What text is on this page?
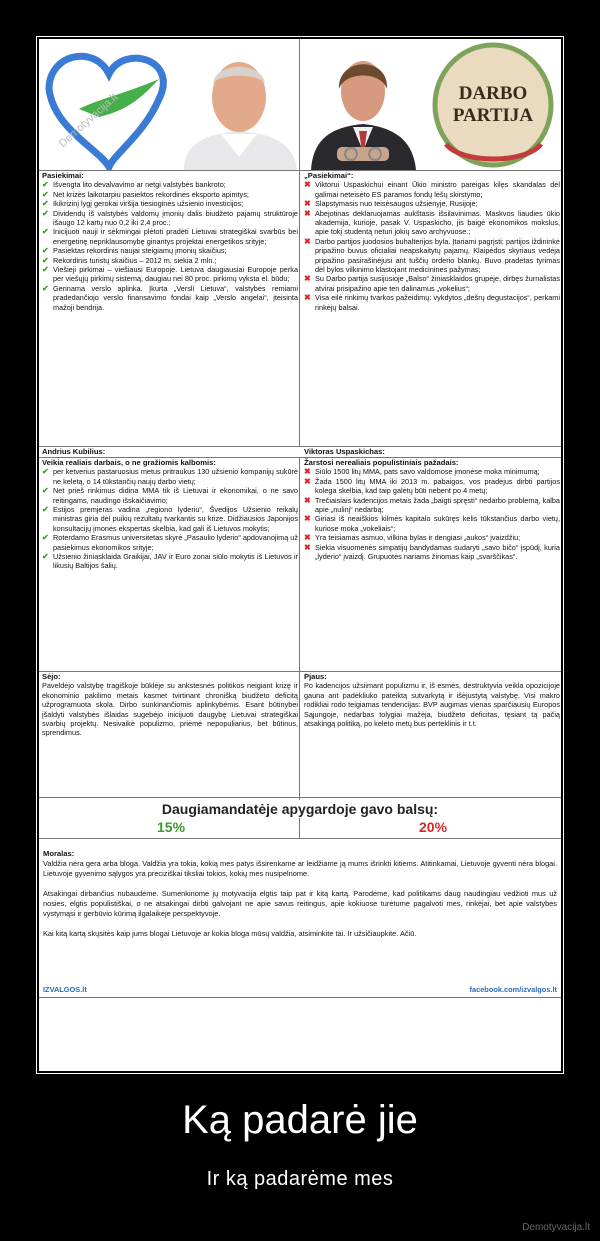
Demotyvacija.lt	DARBO
PARTIJA
Pasiekimai:
✔ Išvengta lito devalvavimo ar netgi valstybės bankroto;
✔ Net krizės laikotarpiu pasiektos rekordinės eksporto apimtys;
✔ Ikikrizinį lygį gerokai viršija tiesioginės užsienio investicijos;
✔ Dividendų iš valstybės valdomų įmonių dalis biudžeto pajamų struktūroje išaugo 12 kartų nuo 0,2 iki 2,4 proc.;
✔ Inicijuoti nauji ir sėkmingai plėtoti pradėti Lietuvai strategiškai svarbūs bei energetinę nepriklausomybę ginantys projektai energetikos srityje;
✔ Pasiektas rekordinis naujai steigiamų įmonių skaičius;
✔ Rekordinis turistų skaičius – 2012 m. siekia 2 mln.;
✔ Viešieji pirkimai – viešiausi Europoje. Lietuva daugiausiai Europoje perka per viešųjų pirkimų sistemą, daugiau nei 80 proc. pirkimų vyksta el. būdu;
✔ Gerinama verslo aplinka. Įkurta „Versli Lietuva“, valstybės remiami pradedančiojo verslo finansavimo fondai kaip „Verslo angelai“, įteisinta mažoji bendrija.
„Pasiekimai“:
✖ Viktorui Uspaskichui einant Ūkio ministro pareigas kilęs skandalas dėl galimai neteisėto ES paramos fondų lėšų skirstymo;
✖ Slapstymasis nuo teisėsaugos užsienyje, Rusijoje;
✖ Abejotinas deklaruojamas aukštasis išsilavinimas. Maskvos liaudies ūkio akademija, kurioje, pasak V. Uspaskicho, jis baigė ekonomikos mokslus, apie tokį studentą neturi jokių savo archyvuose.;
✖ Darbo partijos juodosios buhalterijos byla. Įtariami pagrįsti: partijos iždininkė pripažino buvus oficialiai neapskaitytų pajamų, Klaipėdos skyriaus vedėja pripažino pasirašinėjusi ant tuščių orderio blankų. Buvo pradėtas tyrimas dėl bylos vilkinimo klastojant medicinines pažymas;
✖ Su Darbo partija susijusioje „Balso“ žiniasklaidos grupėje, dirbęs žurnalistas atvirai prisipažino apie ten dalinamus „vokelius“;
✖ Visa eilė rinkimų tvarkos pažeidimų: vykdytos „dešrų degustacijos“, perkami rinkėjų balsai.
Andrius Kubilius:	Viktoras Uspaskichas:
Veikia realiais darbais, o ne gražiomis kalbomis:
✔ per ketverius pastaruosius metus pritraukus 130 užsienio kompanijų sukūrė ne keletą, o 14 tūkstančių naujų darbo vietų;
✔ Net prieš rinkimus didina MMA tik iš Lietuvai ir ekonomikai, o ne savo reitingams, naudingo išskaičiavimo;
✔ Estijos premjeras vadina „regiono lyderiu“, Švedijos Užsienio reikalų ministras giria dėl puikių rezultatų tvarkantis su krize. Didžiausios Japonijos konsultacijų įmonės ekspertas skelbia, kad gali iš Lietuvos mokytis;
✔ Roterdamo Erasmus universitetas skyrė „Pasaulio lyderio“ apdovanojimą už pasiekimus ekonomikos srityje;
✔ Užsienio žiniasklaida Graikijai, JAV ir Euro zonai siūlo mokytis iš Lietuvos ir likusių Baltijos šalių.
Žarstosi nerealiais populistiniais pažadais:
✖ Siūlo 1500 litų MMA, pats savo valdomose įmonėse moka minimumą;
✖ Žada 1500 litų MMA iki 2013 m. pabaigos, vos pradėjus dirbti partijos kolega skelbia, kad taip galėtų būti nebent po 4 metų;
✖ Trečiaisiais kadencijos metais žada „baigti spręsti“ nedarbo problemą, kalba apie „nulinį“ nedarbą;
✖ Giriasi iš neaiškios kilmės kapitalo sukūręs kelis tūkstančius darbo vietų, kuriose moka „vokeliais“;
✖ Yra teisiamas asmuo, vilkina bylas ir dengiasi „aukos“ įvaizdžiu;
✖ Siekia visuomenės simpatijų bandydamas sudaryti „savo bičo“ įspūdį, kuria „lyderio“ įvaizdį. Grupuotės nariams žinomas kaip „svarščikas“.
Sėjo:
Paveldėjo valstybę tragiškoje būklėje su ankstesnės politikos neigiant krizę ir ekonominio pakilimo metais kasmet tvirtinant chronišką biudžeto deficitą užprogramuota skola. Dirbo sunkinančiomis aplinkybėmis. Esant būtinybei įšaldyti valstybės išlaidas sugebėjo inicijuoti daugybę Lietuvai strategiškai svarbių projektų. Nesivaikė populizmo, priėmė nepopuliarius, bet būtinus, sprendimus.
Pjaus:
Po kadencijos užsiimant populizmu ir, iš esmės, destruktyvia veikla opozicijoje gauna ant padėkliuko pateiktą sutvarkytą ir išėjustytą valstybę. Visi makro rodikliai rodo teigiamas tendencijas: BVP augimas vienas sparčiausių Europos Sąjungoje, nedarbas tolygiai mažėja, biudžeto deficitas, tęsiant tą pačią atsakingą politiką, po keleto metų bus perteklinis ir t.t.
Daugiamandatėje apygardoje gavo balsų:
15%	20%
Moralas:
Valdžia nėra gera arba bloga. Valdžia yra tokia, kokią mes patys išsirenkame ar leidžiame ją mums išrinkti kitiems. Atitinkamai, Lietuvoje gyventi nėra blogai. Lietuvoje gyvenimo sąlygos yra preciziškai tiksliai tokios, kokių mes nusipelnome.
Atsakingai dirbančius nubaudėme. Sumenkinome jų motyvacija elgtis taip pat ir kitą kartą. Parodėme, kad politikams daug naudingiau vedžioti mus už nosies, elgtis populistiškai, o ne atsakingai dirbti galvojant ne apie savus reitingus, apie kokiuose turėtume pagalvoti mes, rinkėjai, bet apie valstybės vystymąsi ir gerbūvio kūrimą ilgalaikėje perspektyvoje.
Kai kitą kartą skųsitės kaip jums blogai Lietuvoje ar kokia bloga mūsų valdžia, atsiminkite tai. Ir užsičiaupkite. Ačiū.
IZVALGOS.lt	facebook.com/izvalgos.lt
Ką padarė jie
Ir ką padarėme mes
Demotyvacija.lt
